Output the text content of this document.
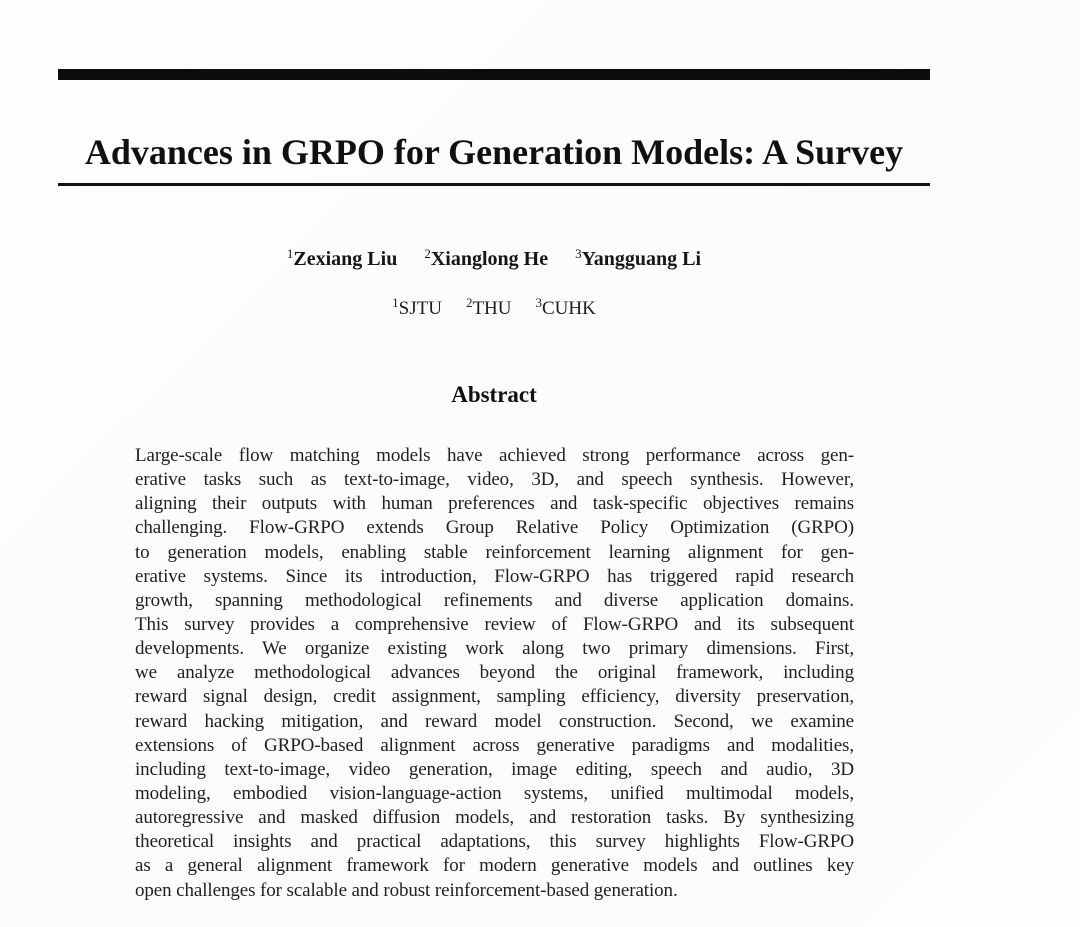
Advances in GRPO for Generation Models: A Survey
$^1$Zexiang Liu $^2$Xianglong He $^3$Yangguang Li
$^1$SJTU $^2$THU $^3$CUHK
Abstract
Large-scale flow matching models have achieved strong performance across gen-
erative tasks such as text-to-image, video, 3D, and speech synthesis. However,
aligning their outputs with human preferences and task-specific objectives remains
challenging. Flow-GRPO extends Group Relative Policy Optimization (GRPO)
to generation models, enabling stable reinforcement learning alignment for gen-
erative systems. Since its introduction, Flow-GRPO has triggered rapid research
growth, spanning methodological refinements and diverse application domains.
This survey provides a comprehensive review of Flow-GRPO and its subsequent
developments. We organize existing work along two primary dimensions. First,
we analyze methodological advances beyond the original framework, including
reward signal design, credit assignment, sampling efficiency, diversity preservation,
reward hacking mitigation, and reward model construction. Second, we examine
extensions of GRPO-based alignment across generative paradigms and modalities,
including text-to-image, video generation, image editing, speech and audio, 3D
modeling, embodied vision-language-action systems, unified multimodal models,
autoregressive and masked diffusion models, and restoration tasks. By synthesizing
theoretical insights and practical adaptations, this survey highlights Flow-GRPO
as a general alignment framework for modern generative models and outlines key
open challenges for scalable and robust reinforcement-based generation.
